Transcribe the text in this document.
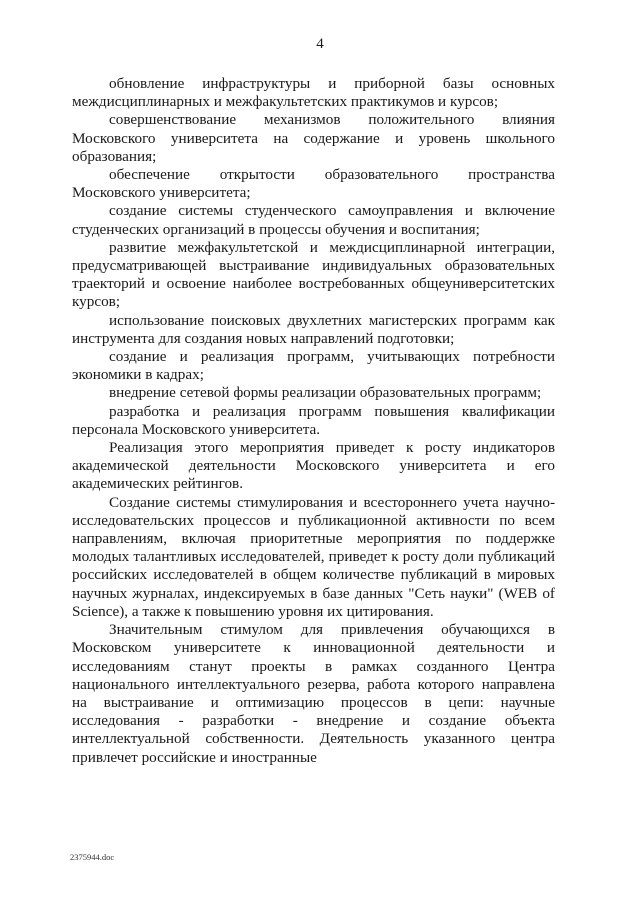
4

обновление инфраструктуры и приборной базы основных междисциплинарных и межфакультетских практикумов и курсов;

совершенствование механизмов положительного влияния Московского университета на содержание и уровень школьного образования;

обеспечение открытости образовательного пространства Московского университета;

создание системы студенческого самоуправления и включение студенческих организаций в процессы обучения и воспитания;

развитие межфакультетской и междисциплинарной интеграции, предусматривающей выстраивание индивидуальных образовательных траекторий и освоение наиболее востребованных общеуниверситетских курсов;

использование поисковых двухлетних магистерских программ как инструмента для создания новых направлений подготовки;

создание и реализация программ, учитывающих потребности экономики в кадрах;

внедрение сетевой формы реализации образовательных программ;

разработка и реализация программ повышения квалификации персонала Московского университета.

Реализация этого мероприятия приведет к росту индикаторов академической деятельности Московского университета и его академических рейтингов.

Создание системы стимулирования и всестороннего учета научно-исследовательских процессов и публикационной активности по всем направлениям, включая приоритетные мероприятия по поддержке молодых талантливых исследователей, приведет к росту доли публикаций российских исследователей в общем количестве публикаций в мировых научных журналах, индексируемых в базе данных "Сеть науки" (WEB of Science), а также к повышению уровня их цитирования.

Значительным стимулом для привлечения обучающихся в Московском университете к инновационной деятельности и исследованиям станут проекты в рамках созданного Центра национального интеллектуального резерва, работа которого направлена на выстраивание и оптимизацию процессов в цепи: научные исследования - разработки - внедрение и создание объекта интеллектуальной собственности. Деятельность указанного центра привлечет российские и иностранные

2375944.doc
